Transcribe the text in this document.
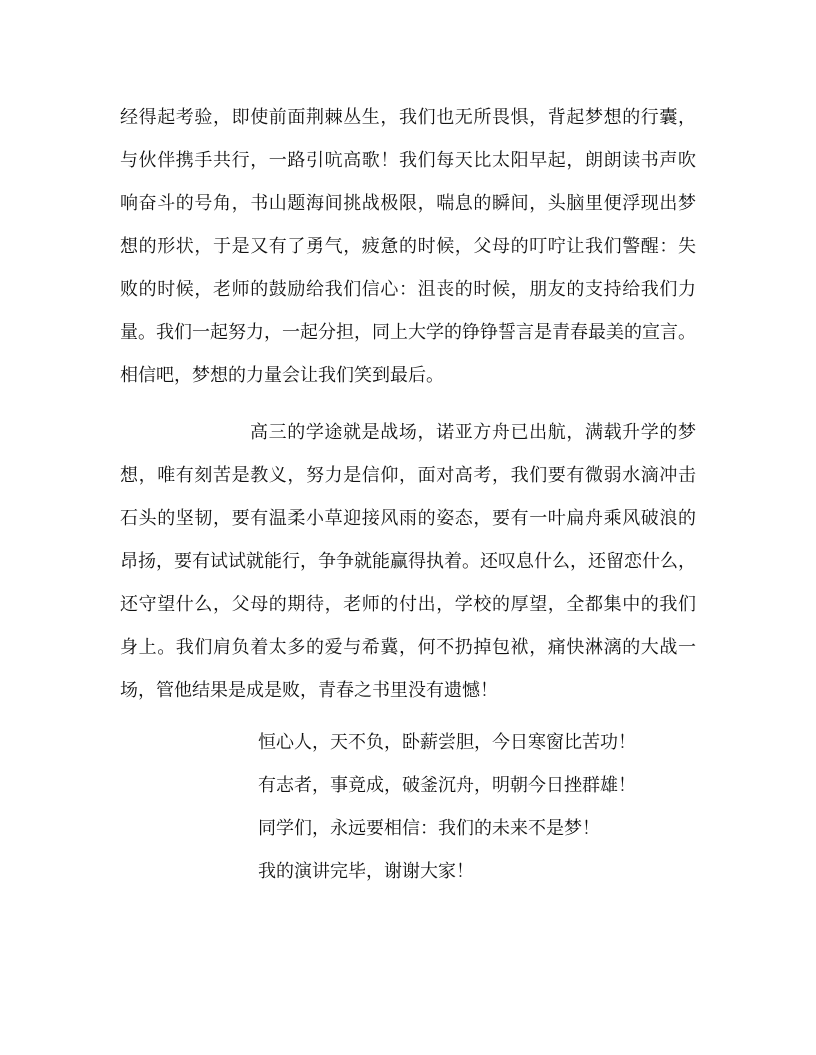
经得起考验，即使前面荆棘丛生，我们也无所畏惧，背起梦想的行囊，
与伙伴携手共行，一路引吭高歌！我们每天比太阳早起，朗朗读书声吹
响奋斗的号角，书山题海间挑战极限，喘息的瞬间，头脑里便浮现出梦
想的形状，于是又有了勇气，疲惫的时候，父母的叮咛让我们警醒：失
败的时候，老师的鼓励给我们信心：沮丧的时候，朋友的支持给我们力
量。我们一起努力，一起分担，同上大学的铮铮誓言是青春最美的宣言。
相信吧，梦想的力量会让我们笑到最后。
高三的学途就是战场，诺亚方舟已出航，满载升学的梦
想，唯有刻苦是教义，努力是信仰，面对高考，我们要有微弱水滴冲击
石头的坚韧，要有温柔小草迎接风雨的姿态，要有一叶扁舟乘风破浪的
昂扬，要有试试就能行，争争就能赢得执着。还叹息什么，还留恋什么，
还守望什么，父母的期待，老师的付出，学校的厚望，全都集中的我们
身上。我们肩负着太多的爱与希冀，何不扔掉包袱，痛快淋漓的大战一
场，管他结果是成是败，青春之书里没有遗憾！
恒心人，天不负，卧薪尝胆，今日寒窗比苦功！
有志者，事竟成，破釜沉舟，明朝今日挫群雄！
同学们，永远要相信：我们的未来不是梦！
我的演讲完毕，谢谢大家！
